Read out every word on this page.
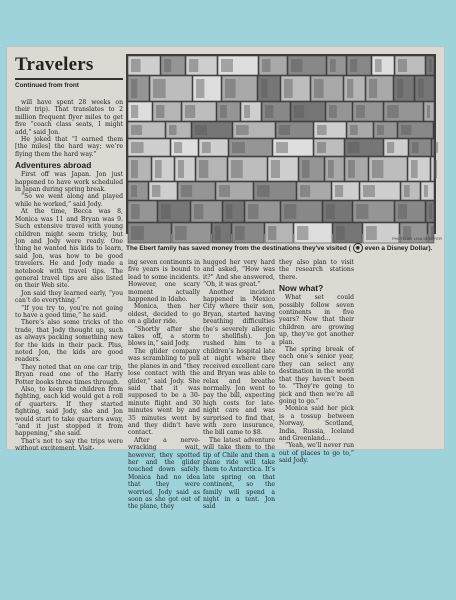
Travelers
Continued from front
PHOTO BY LISA SHEFFER
The Ebert family has saved money from the destinations they've visited ( even a Disney Dollar).

will have spent 28 weeks on their trip). That translates to 2 million frequent flyer miles to get five “coach class seats, I might add,” said Jon.

He joked that “I earned them [the miles] the hard way; we’re flying them the hard way.”

Adventures abroad

First off was Japan. Jon just happened to have work scheduled in Japan during spring break.

“So we went along and played while he worked,” said Jody.

At the time, Becca was 8, Monica was 11 and Bryan was 9. Such extensive travel with young children might seem tricky, but Jon and Jody were ready. One thing he wanted his kids to learn, said Jon, was how to be good travelers. He and Jody made a notebook with travel tips. The general travel tips are also listed on their Web site.

Jon said they learned early, “you can’t do everything.”

“If you try to, you’re not going to have a good time,” he said.

There’s also some tricks of the trade, that Jody thought up, such as always packing something new for the kids in their pack. Plus, noted Jon, the kids are good readers.

They noted that on one car trip, Bryan read one of the Harry Potter books three times through.

Also, to keep the children from fighting, each kid would get a roll of quarters. If they started fighting, said Jody, she and Jon would start to take quarters away, “and it just stopped it from happening,” she said.

That’s not to say the trips were without excitement. Visit-

ing seven continents in five years is bound to lead to some incidents. However, one scary moment actually happened in Idaho.

Monica, then her oldest, decided to go on a glider ride.

“Shortly after she takes off, a storm blows in,” said Jody.

The glider company was scrambling to pull the planes in and “they lose contact with the glider,” said Jody. She said that it was supposed to be a 30-minute flight and 30 minutes went by and 35 minutes went by and they didn’t have contact.

After a nerve-wracking wait, however, they spotted her and the glider touched down safely. Monica had no idea that they were worried, Jody said as soon as she got out of the plane, they

hugged her very hard and asked, “How was it?” And she answered, “Oh, it was great.”

Another incident happened in Mexico City where their son, Bryan, started having breathing difficulties (he’s severely allergic to shellfish). Jon rushed him to a children’s hospital late at night where they received excellent care and Bryan was able to relax and breathe normally. Jon went to pay the bill, expecting high costs for late-night care and was surprised to find that, with zero insurance, the bill came to $8.

The latest adventure will take them to the tip of Chile and then a plane ride will take them to Antarctica. It’s late spring on that continent, so the family will spend a night in a tent. Jon said

they also plan to visit the research stations there.

Now what?

What set could possibly follow seven continents in five years? Now that their children are growing up, they’ve got another plan.

The spring break of each one’s senior year, they can select any destination in the world that they haven’t been to. “They’re going to pick and then we’re all going to go.”

Monica said her pick is a tossup between Norway, Scotland, India, Russia, Iceland and Greenland...

“Yeah, we’ll never run out of places to go to,” said Jody.
